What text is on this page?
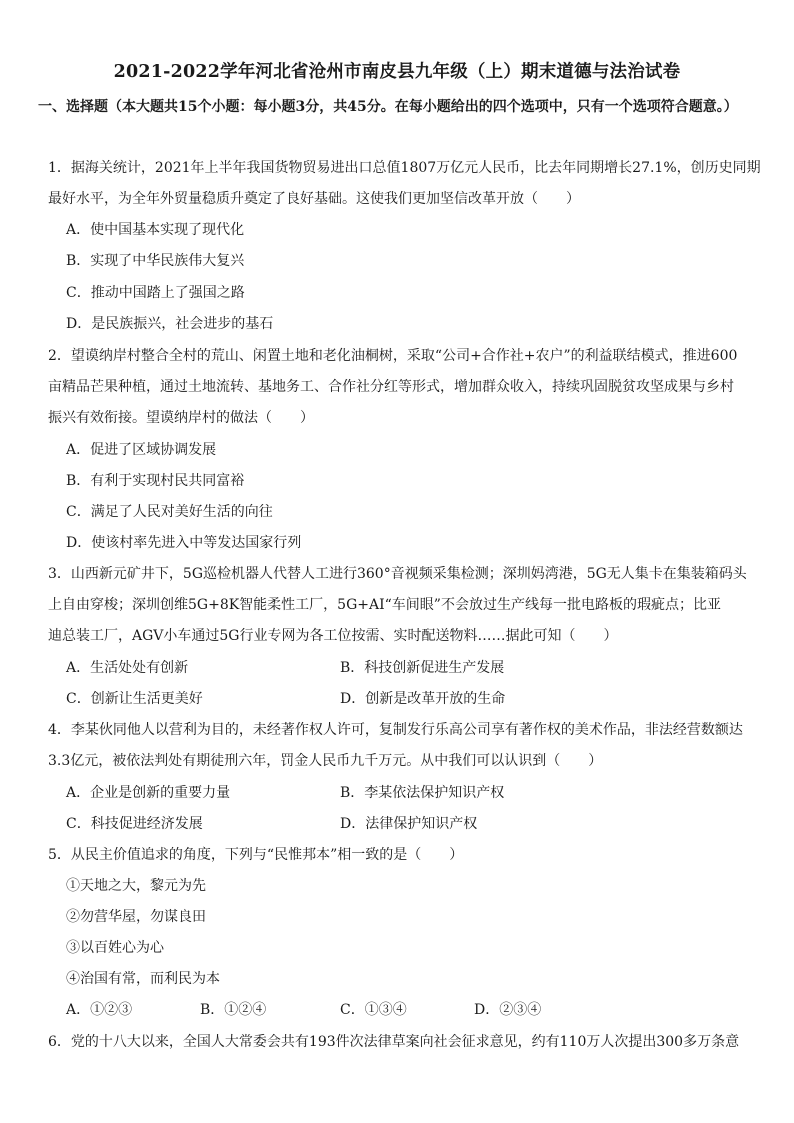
2021-2022学年河北省沧州市南皮县九年级（上）期末道德与法治试卷
一、选择题（本大题共15个小题：每小题3分，共45分。在每小题给出的四个选项中，只有一个选项符合题意。）
1．据海关统计，2021年上半年我国货物贸易进出口总值1807万亿元人民币，比去年同期增长27.1%，创历史同期
最好水平，为全年外贸量稳质升奠定了良好基础。这使我们更加坚信改革开放（　　）
A．使中国基本实现了现代化
B．实现了中华民族伟大复兴
C．推动中国踏上了强国之路
D．是民族振兴，社会进步的基石
2．望谟纳岸村整合全村的荒山、闲置土地和老化油桐树，采取“公司+合作社+农户”的利益联结模式，推进600
亩精品芒果种植，通过土地流转、基地务工、合作社分红等形式，增加群众收入，持续巩固脱贫攻坚成果与乡村
振兴有效衔接。望谟纳岸村的做法（　　）
A．促进了区域协调发展
B．有利于实现村民共同富裕
C．满足了人民对美好生活的向往
D．使该村率先进入中等发达国家行列
3．山西新元矿井下，5G巡检机器人代替人工进行360°音视频采集检测；深圳妈湾港，5G无人集卡在集装箱码头
上自由穿梭；深圳创维5G+8K智能柔性工厂，5G+AI“车间眼”不会放过生产线每一批电路板的瑕疵点；比亚
迪总装工厂，AGV小车通过5G行业专网为各工位按需、实时配送物料……据此可知（　　）
A．生活处处有创新	B．科技创新促进生产发展
C．创新让生活更美好	D．创新是改革开放的生命
4．李某伙同他人以营利为目的，未经著作权人许可，复制发行乐高公司享有著作权的美术作品，非法经营数额达
3.3亿元，被依法判处有期徒刑六年，罚金人民币九千万元。从中我们可以认识到（　　）
A．企业是创新的重要力量	B．李某依法保护知识产权
C．科技促进经济发展	D．法律保护知识产权
5．从民主价值追求的角度，下列与“民惟邦本”相一致的是（　　）
①天地之大，黎元为先
②勿营华屋，勿谋良田
③以百姓心为心
④治国有常，而利民为本
A．①②③	B．①②④	C．①③④	D．②③④
6．党的十八大以来，全国人大常委会共有193件次法律草案向社会征求意见，约有110万人次提出300多万条意
